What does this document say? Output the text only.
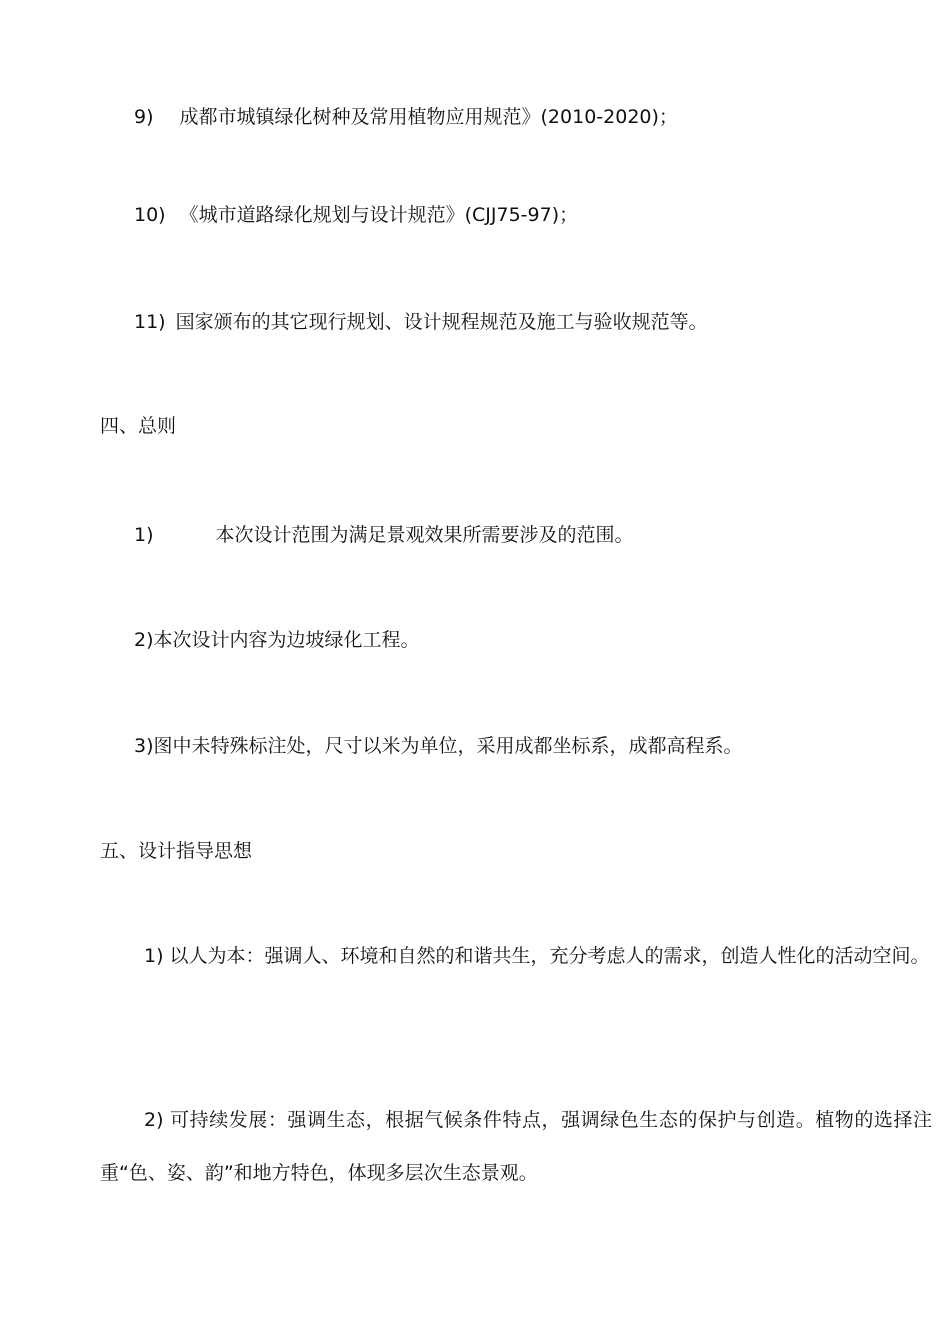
9) 成都市城镇绿化树种及常用植物应用规范》(2010-2020)；
10) 《城市道路绿化规划与设计规范》(CJJ75-97)；
11) 国家颁布的其它现行规划、设计规程规范及施工与验收规范等。
四、总则
1)	本次设计范围为满足景观效果所需要涉及的范围。
2)本次设计内容为边坡绿化工程。
3)图中未特殊标注处，尺寸以米为单位，采用成都坐标系，成都高程系。
五、设计指导思想
1) 以人为本：强调人、环境和自然的和谐共生，充分考虑人的需求，创造人性化的活动空间。
2) 可持续发展：强调生态，根据气候条件特点，强调绿色生态的保护与创造。植物的选择注重“色、姿、韵”和地方特色，体现多层次生态景观。
